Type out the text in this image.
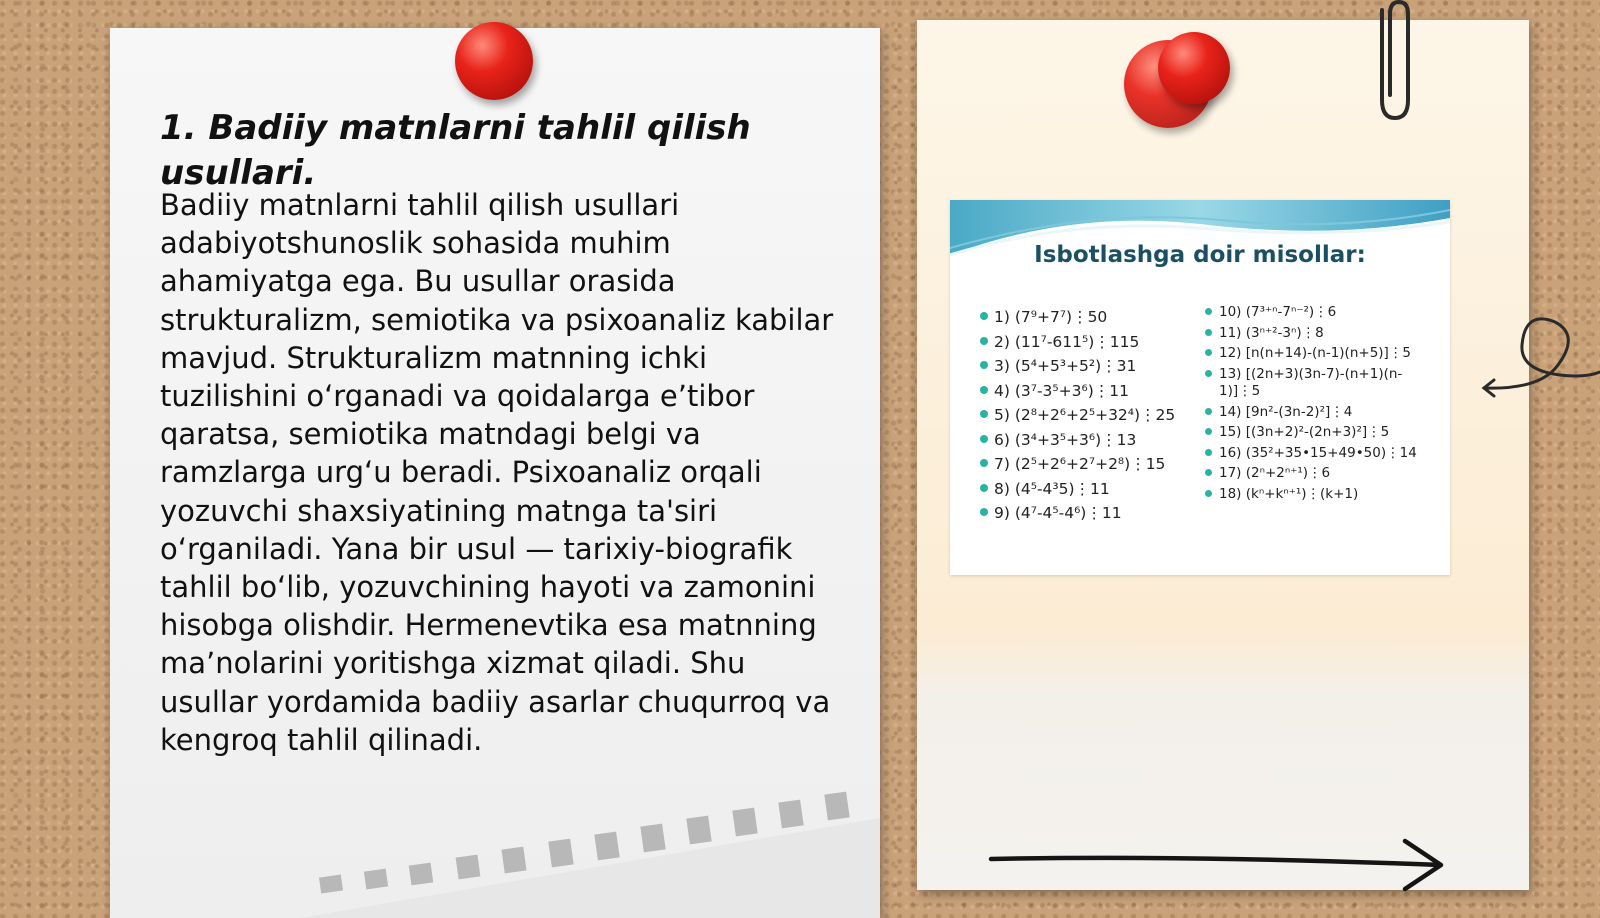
1. Badiiy matnlarni tahlil qilish usullari.

Badiiy matnlarni tahlil qilish usullari adabiyotshunoslik sohasida muhim ahamiyatga ega. Bu usullar orasida strukturalizm, semiotika va psixoanaliz kabilar mavjud. Strukturalizm matnning ichki tuzilishini o‘rganadi va qoidalarga e’tibor qaratsa, semiotika matndagi belgi va ramzlarga urg‘u beradi. Psixoanaliz orqali yozuvchi shaxsiyatining matnga ta'siri o‘rganiladi. Yana bir usul — tarixiy-biografik tahlil bo‘lib, yozuvchining hayoti va zamonini hisobga olishdir. Hermenevtika esa matnning ma’nolarini yoritishga xizmat qiladi. Shu usullar yordamida badiiy asarlar chuqurroq va kengroq tahlil qilinadi.

Isbotlashga doir misollar:
1) (7⁹+7⁷)⋮50
2) (11⁷-611⁵)⋮115
3) (5⁴+5³+5²)⋮31
4) (3⁷-3⁵+3⁶)⋮11
5) (2⁸+2⁶+2⁵+32⁴)⋮25
6) (3⁴+3⁵+3⁶)⋮13
7) (2⁵+2⁶+2⁷+2⁸)⋮15
8) (4⁵-4³5)⋮11
9) (4⁷-4⁵-4⁶)⋮11
10) (7³⁺ⁿ-7ⁿ⁻²)⋮6
11) (3ⁿ⁺²-3ⁿ)⋮8
12) [n(n+14)-(n-1)(n+5)]⋮5
13) [(2n+3)(3n-7)-(n+1)(n-1)]⋮5
14) [9n²-(3n-2)²]⋮4
15) [(3n+2)²-(2n+3)²]⋮5
16) (35²+35•15+49•50)⋮14
17) (2ⁿ+2ⁿ⁺¹)⋮6
18) (kⁿ+kⁿ⁺¹)⋮(k+1)
